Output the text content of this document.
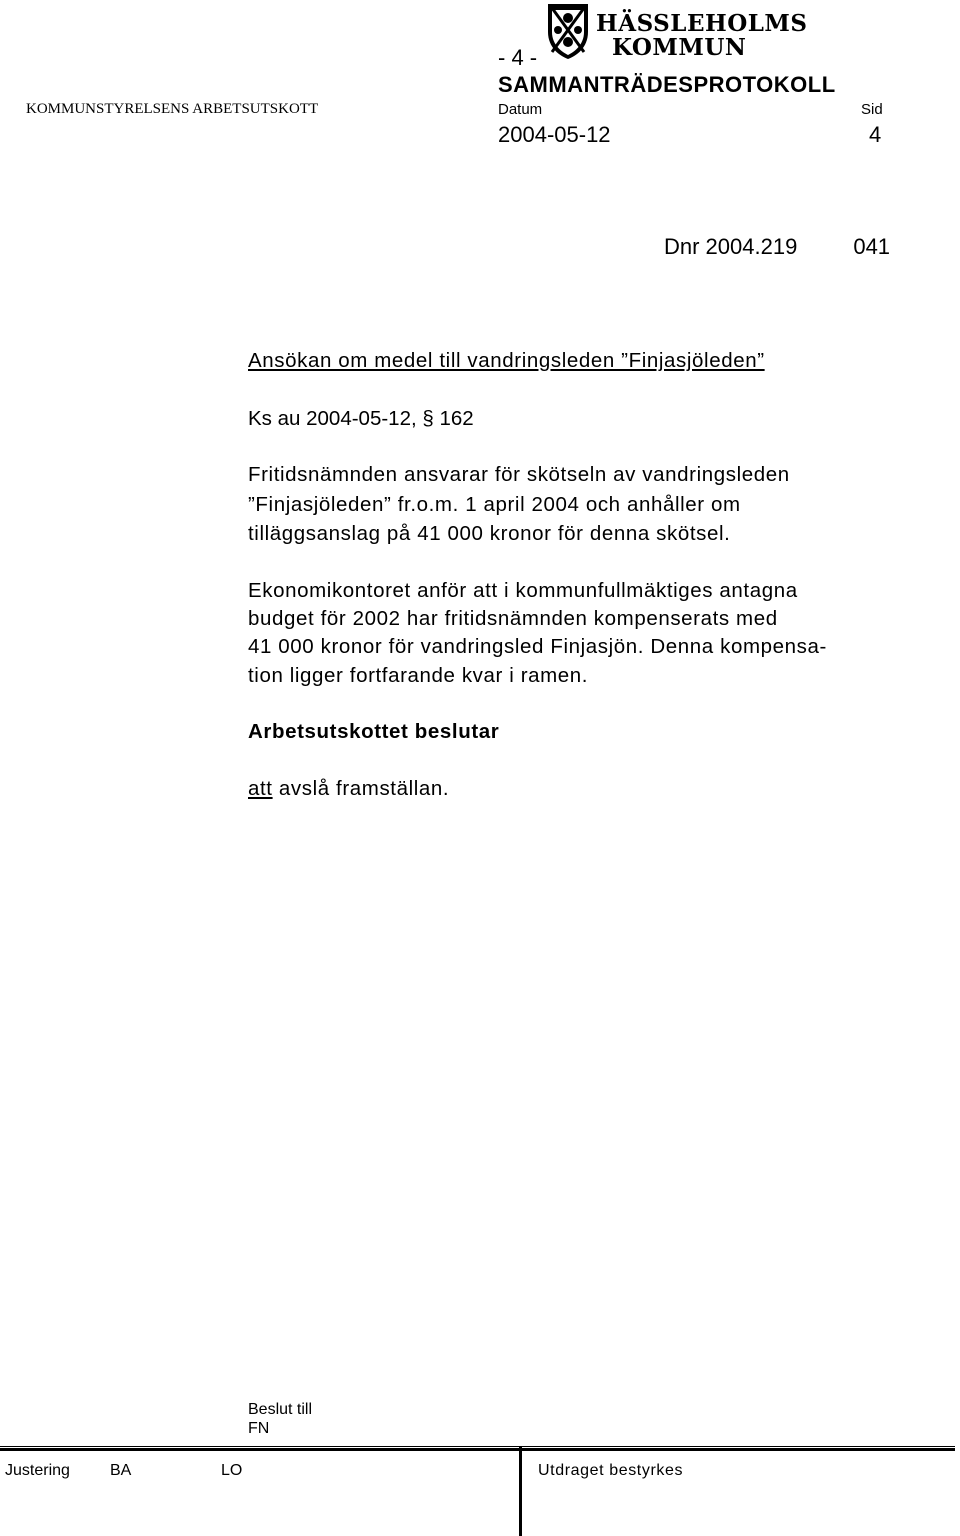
HÄSSLEHOLMS
KOMMUN
- 4 -
SAMMANTRÄDESPROTOKOLL
KOMMUNSTYRELSENS ARBETSUTSKOTT	Datum	Sid
2004-05-12	4
Dnr 2004.219	041
Ansökan om medel till vandringsleden ”Finjasjöleden”
Ks au 2004-05-12, § 162
Fritidsnämnden ansvarar för skötseln av vandringsleden
”Finjasjöleden” fr.o.m. 1 april 2004 och anhåller om
tilläggsanslag på 41 000 kronor för denna skötsel.
Ekonomikontoret anför att i kommunfullmäktiges antagna
budget för 2002 har fritidsnämnden kompenserats med
41 000 kronor för vandringsled Finjasjön. Denna kompensa-
tion ligger fortfarande kvar i ramen.
Arbetsutskottet beslutar
att avslå framställan.
Beslut till
FN
Justering	BA	LO	Utdraget bestyrkes
